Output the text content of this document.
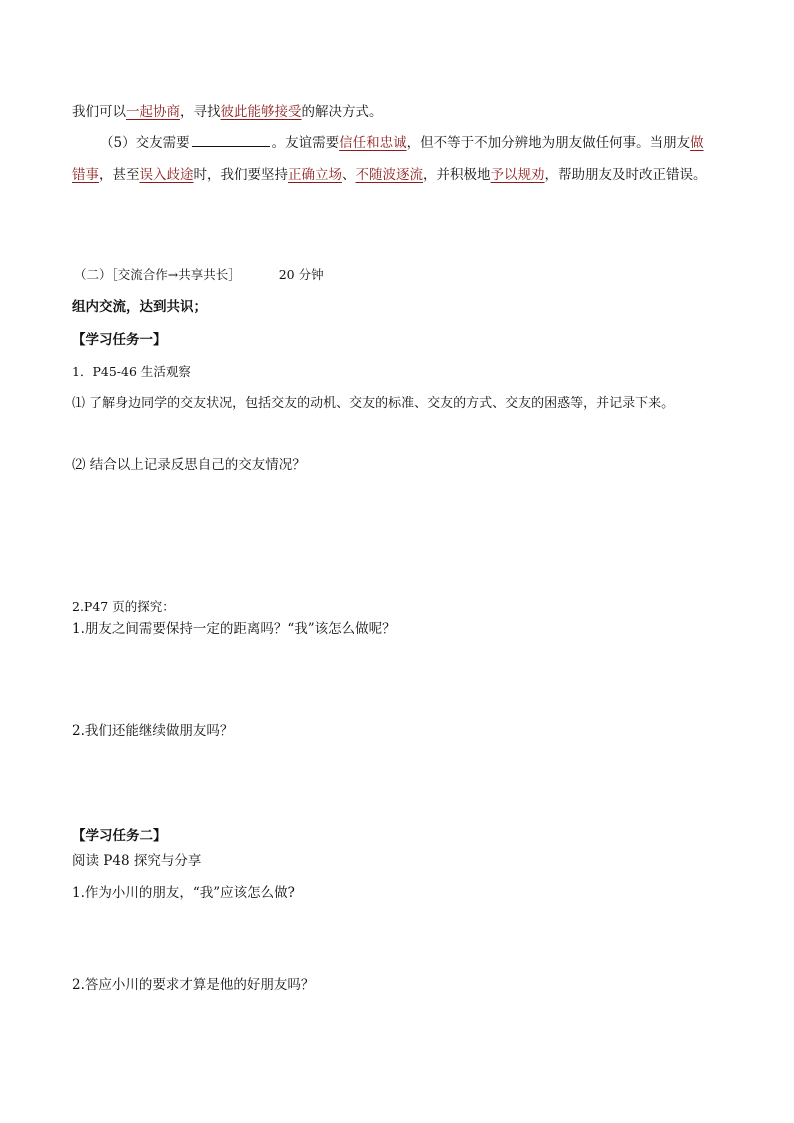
我们可以一起协商，寻找彼此能够接受的解决方式。
（5）交友需要	。友谊需要信任和忠诚，但不等于不加分辨地为朋友做任何事。当朋友做
错事，甚至误入歧途时，我们要坚持正确立场、不随波逐流，并积极地予以规劝，帮助朋友及时改正错误。
（二）［交流合作→共享共长］	20 分钟
组内交流，达到共识；
【学习任务一】
1．P45-46 生活观察
⑴ 了解身边同学的交友状况，包括交友的动机、交友的标准、交友的方式、交友的困惑等，并记录下来。
⑵ 结合以上记录反思自己的交友情况？
2.P47 页的探究：
1.朋友之间需要保持一定的距离吗？“我”该怎么做呢？
2.我们还能继续做朋友吗？
【学习任务二】
阅读 P48 探究与分享
1.作为小川的朋友，“我”应该怎么做?
2.答应小川的要求才算是他的好朋友吗？
